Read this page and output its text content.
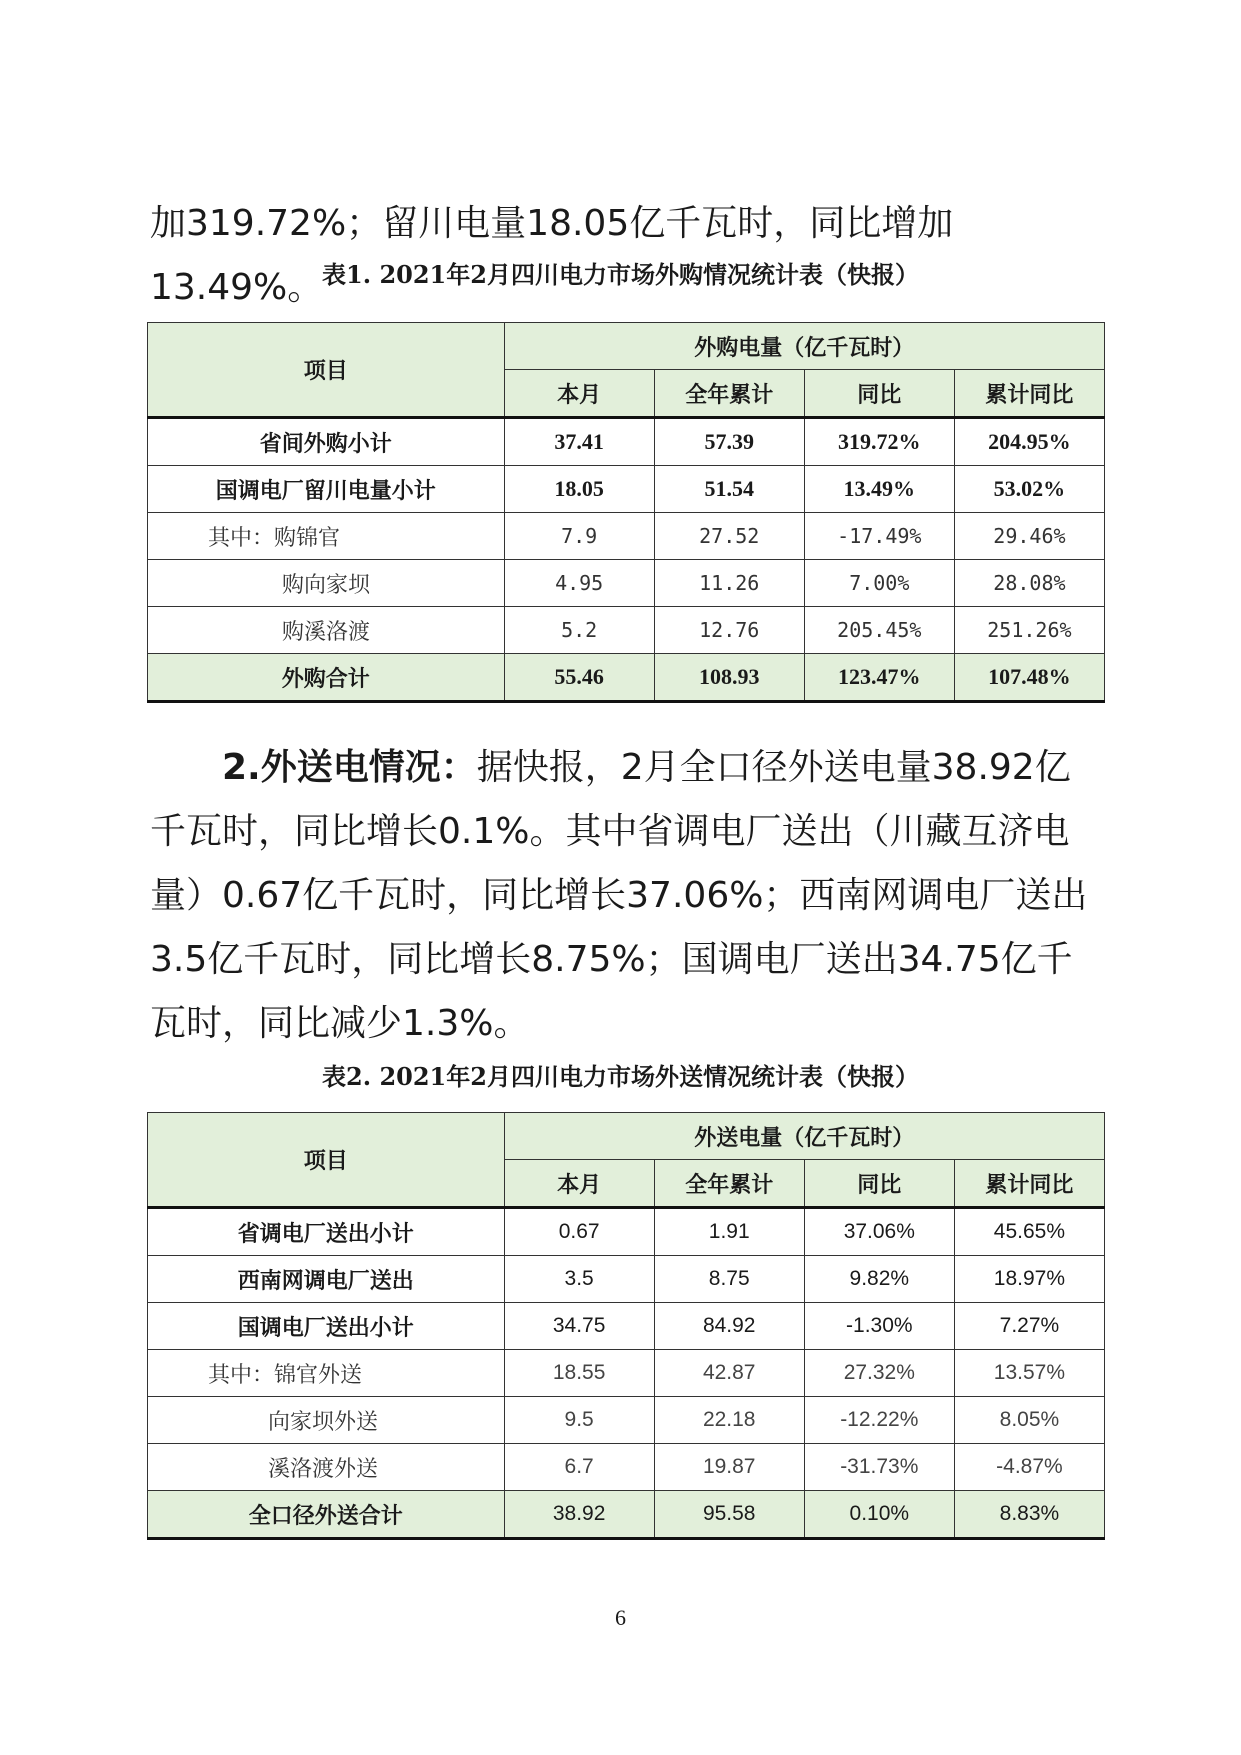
加319.72%；留川电量18.05亿千瓦时，同比增加13.49%。
表1. 2021年2月四川电力市场外购情况统计表（快报）
项目	外购电量（亿千瓦时）			
	本月	全年累计	同比	累计同比
省间外购小计	37.41	57.39	319.72%	204.95%
国调电厂留川电量小计	18.05	51.54	13.49%	53.02%
其中：购锦官	7.9	27.52	-17.49%	29.46%
购向家坝	4.95	11.26	7.00%	28.08%
购溪洛渡	5.2	12.76	205.45%	251.26%
外购合计	55.46	108.93	123.47%	107.48%
2.外送电情况：据快报，2月全口径外送电量38.92亿千瓦时，同比增长0.1%。其中省调电厂送出（川藏互济电量）0.67亿千瓦时，同比增长37.06%；西南网调电厂送出3.5亿千瓦时，同比增长8.75%；国调电厂送出34.75亿千瓦时，同比减少1.3%。
表2. 2021年2月四川电力市场外送情况统计表（快报）
项目	外送电量（亿千瓦时）			
	本月	全年累计	同比	累计同比
省调电厂送出小计	0.67	1.91	37.06%	45.65%
西南网调电厂送出	3.5	8.75	9.82%	18.97%
国调电厂送出小计	34.75	84.92	-1.30%	7.27%
其中：锦官外送	18.55	42.87	27.32%	13.57%
向家坝外送	9.5	22.18	-12.22%	8.05%
溪洛渡外送	6.7	19.87	-31.73%	-4.87%
全口径外送合计	38.92	95.58	0.10%	8.83%
6
